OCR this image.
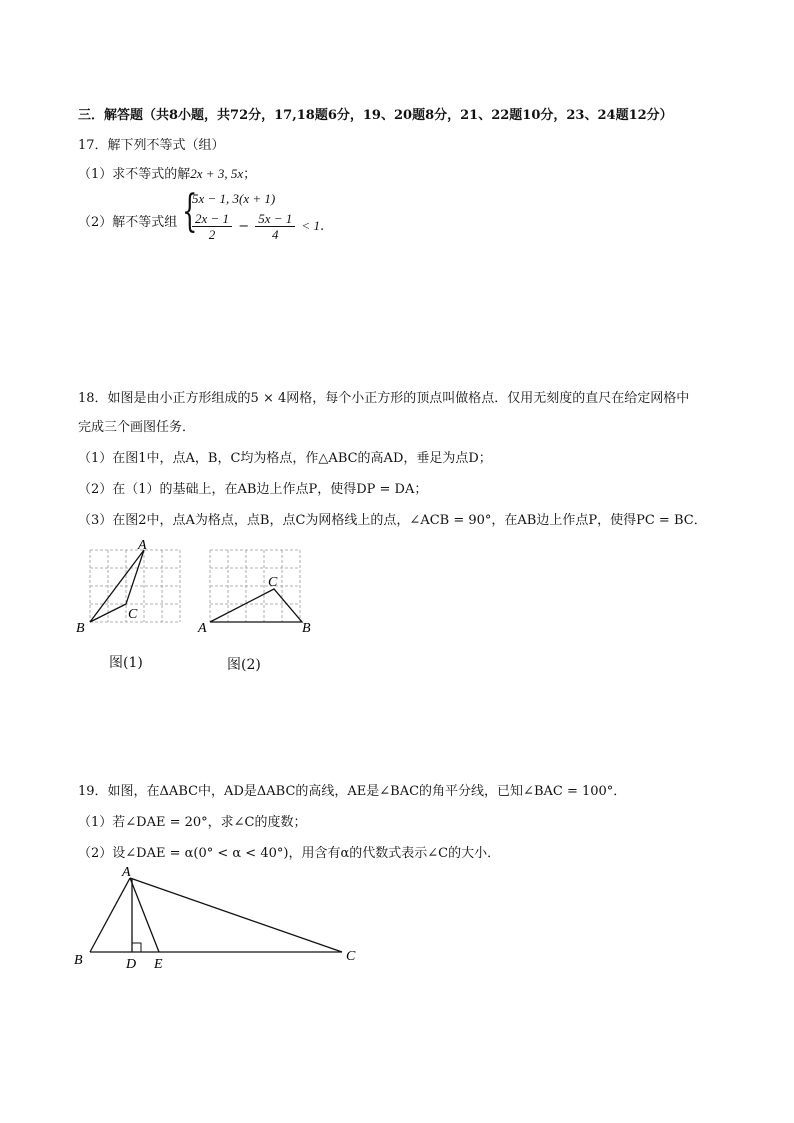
三．解答题（共8小题，共72分，17,18题6分，19、20题8分，21、22题10分，23、24题12分）
17．解下列不等式（组）
（1）求不等式的解2x + 3, 5x；
（2）解不等式组 {
5x − 1, 3(x + 1)
$\frac{2x - 1}{2} - \frac{5x - 1}{4} < 1$.
18．如图是由小正方形组成的5 × 4网格，每个小正方形的顶点叫做格点．仅用无刻度的直尺在给定网格中
完成三个画图任务．
（1）在图1中，点A，B，C均为格点，作△ABC的高AD，垂足为点D；
（2）在（1）的基础上，在AB边上作点P，使得DP = DA；
（3）在图2中，点A为格点，点B，点C为网格线上的点，∠ACB = 90°，在AB边上作点P，使得PC = BC．
A
B
C
图(1)
A	B
C
图(2)
19．如图，在ΔABC中，AD是ΔABC的高线，AE是∠BAC的角平分线，已知∠BAC = 100°．
（1）若∠DAE = 20°，求∠C的度数；
（2）设∠DAE = α(0° < α < 40°)，用含有α的代数式表示∠C的大小．
A
B	C
D E
